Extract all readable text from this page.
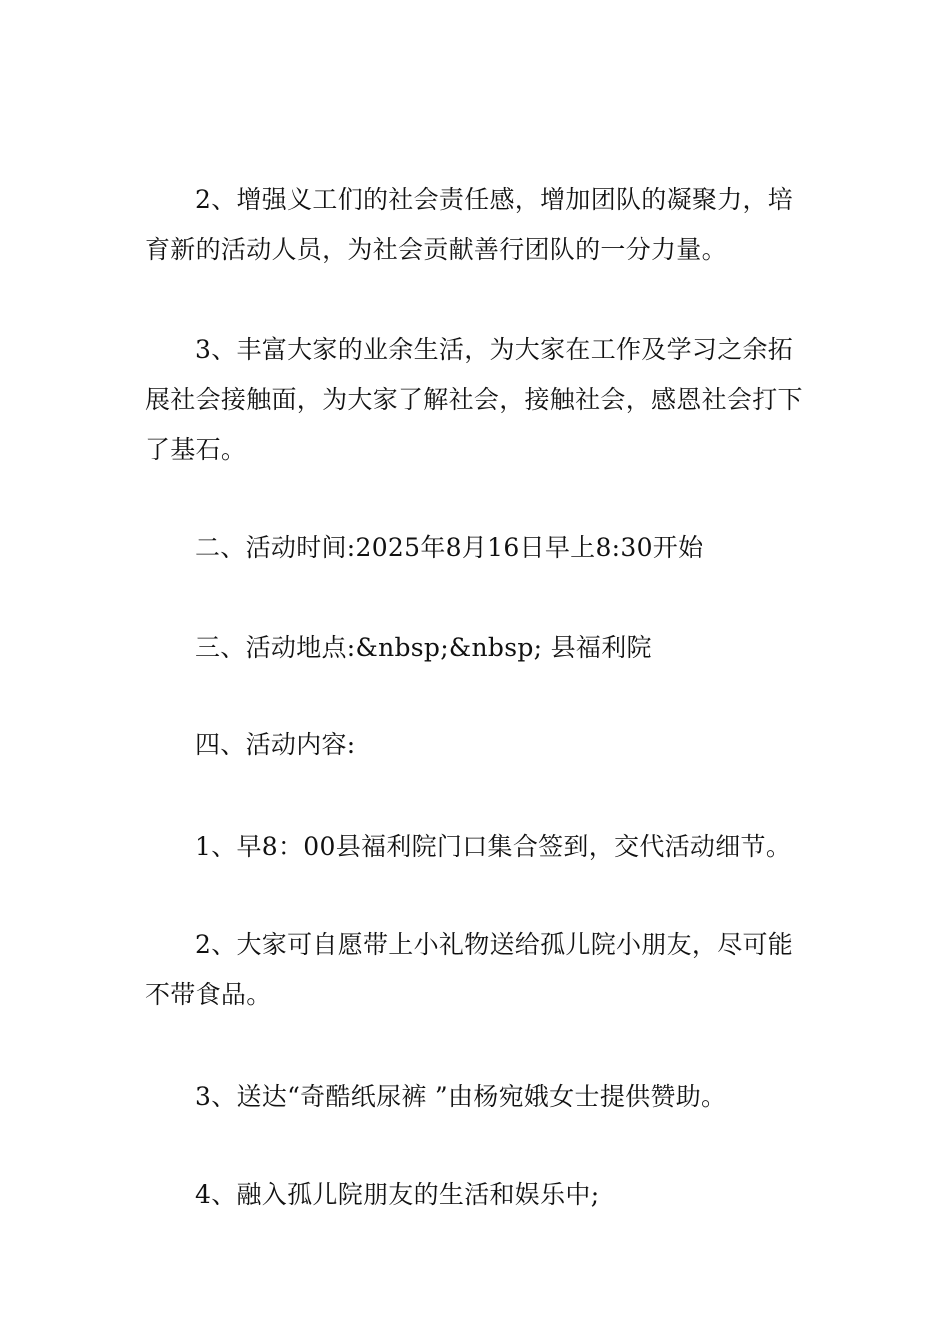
2、增强义工们的社会责任感，增加团队的凝聚力，培育新的活动人员，为社会贡献善行团队的一分力量。

3、丰富大家的业余生活，为大家在工作及学习之余拓展社会接触面，为大家了解社会，接触社会，感恩社会打下了基石。

二、活动时间:2025年8月16日早上8:30开始

三、活动地点:&nbsp;&nbsp; 县福利院

四、活动内容:

1、早8：00县福利院门口集合签到，交代活动细节。

2、大家可自愿带上小礼物送给孤儿院小朋友，尽可能不带食品。

3、送达“奇酷纸尿裤 ”由杨宛娥女士提供赞助。

4、融入孤儿院朋友的生活和娱乐中;
